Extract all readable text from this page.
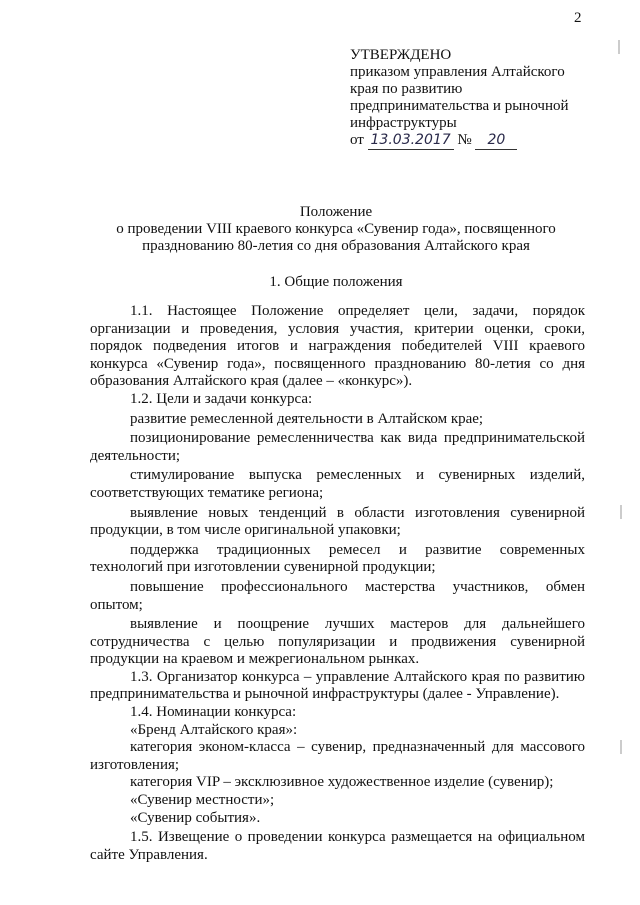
2
УТВЕРЖДЕНО
приказом управления Алтайского
края по развитию
предпринимательства и рыночной
инфраструктуры
от 13.03.2017 № 20
Положение
о проведении VIII краевого конкурса «Сувенир года», посвященного
празднованию 80-летия со дня образования Алтайского края
1. Общие положения

1.1. Настоящее Положение определяет цели, задачи, порядок организации и проведения, условия участия, критерии оценки, сроки, порядок подведения итогов и награждения победителей VIII краевого конкурса «Сувенир года», посвященного празднованию 80-летия со дня образования Алтайского края (далее – «конкурс»).

1.2. Цели и задачи конкурса:

развитие ремесленной деятельности в Алтайском крае;

позиционирование ремесленничества как вида предпринимательской деятельности;

стимулирование выпуска ремесленных и сувенирных изделий, соответствующих тематике региона;

выявление новых тенденций в области изготовления сувенирной продукции, в том числе оригинальной упаковки;

поддержка традиционных ремесел и развитие современных технологий при изготовлении сувенирной продукции;

повышение профессионального мастерства участников, обмен опытом;

выявление и поощрение лучших мастеров для дальнейшего сотрудничества с целью популяризации и продвижения сувенирной продукции на краевом и межрегиональном рынках.

1.3. Организатор конкурса – управление Алтайского края по развитию предпринимательства и рыночной инфраструктуры (далее - Управление).

1.4. Номинации конкурса:

«Бренд Алтайского края»:

категория эконом-класса – сувенир, предназначенный для массового изготовления;

категория VIP – эксклюзивное художественное изделие (сувенир);

«Сувенир местности»;

«Сувенир события».

1.5. Извещение о проведении конкурса размещается на официальном сайте Управления.
